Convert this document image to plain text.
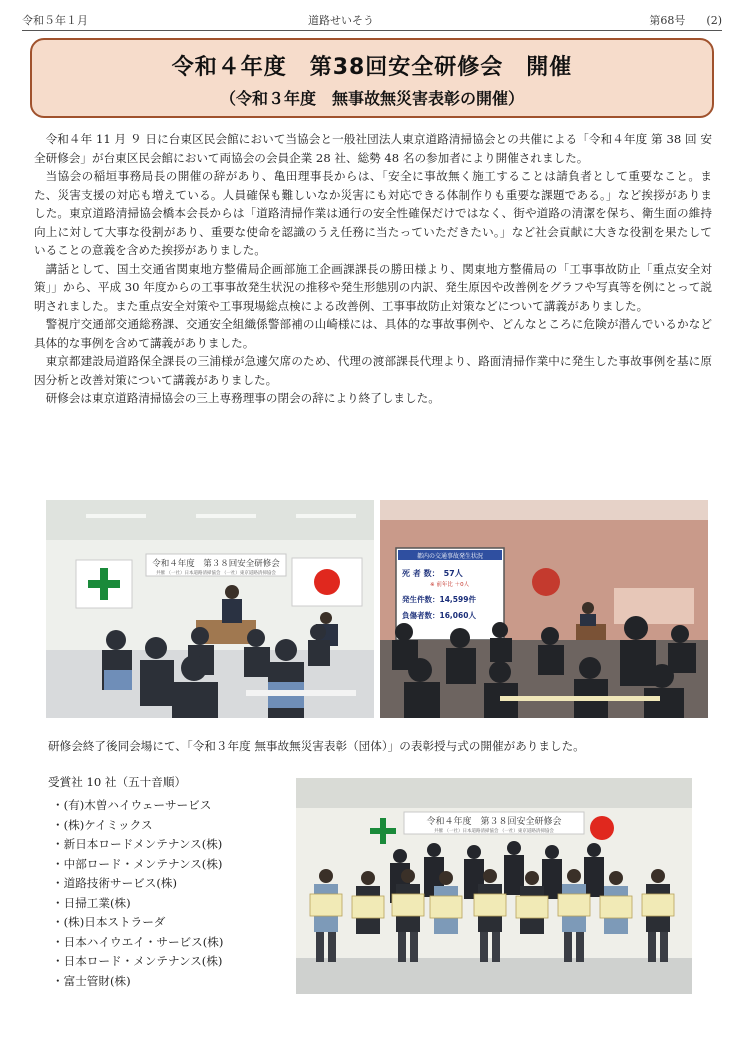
令和５年１月	道路せいそう	第68号 (2)
令和４年度　第38回安全研修会　開催
（令和３年度　無事故無災害表彰の開催）

令和４年 11 月 ９ 日に台東区民会館において当協会と一般社団法人東京道路清掃協会との共催による「令和４年度 第 38 回 安全研修会」が台東区民会館において両協会の会員企業 28 社、総勢 48 名の参加者により開催されました。

当協会の稲垣事務局長の開催の辞があり、亀田理事長からは、「安全に事故無く施工することは請負者として重要なこと。また、災害支援の対応も増えている。人員確保も難しいなか災害にも対応できる体制作りも重要な課題である。」など挨拶がありました。東京道路清掃協会橋本会長からは「道路清掃作業は通行の安全性確保だけではなく、街や道路の清潔を保ち、衛生面の維持向上に対して大事な役割があり、重要な使命を認識のうえ任務に当たっていただきたい。」など社会貢献に大きな役割を果たしていることの意義を含めた挨拶がありました。

講話として、国土交通省関東地方整備局企画部施工企画課課長の勝田様より、関東地方整備局の「工事事故防止「重点安全対策」」から、平成 30 年度からの工事事故発生状況の推移や発生形態別の内訳、発生原因や改善例をグラフや写真等を例にとって説明されました。また重点安全対策や工事現場総点検による改善例、工事事故防止対策などについて講義がありました。

警視庁交通部交通総務課、交通安全組織係警部補の山崎様には、具体的な事故事例や、どんなところに危険が潜んでいるかなど具体的な事例を含めて講義がありました。

東京都建設局道路保全課長の三浦様が急遽欠席のため、代理の渡部課長代理より、路面清掃作業中に発生した事故事例を基に原因分析と改善対策について講義がありました。

研修会は東京道路清掃協会の三上専務理事の閉会の辞により終了しました。

令和４年度　第３８回安全研修会
共催 （一社）日本道路清掃協会 （一社）東京道路清掃協会
都内の交通事故発生状況
死 者 数：　57人
※ 前年比 ＋0人
発生件数：14,599件
負傷者数：16,060人
研修会終了後同会場にて、「令和３年度 無事故無災害表彰（団体）」の表彰授与式の開催がありました。
受賞社 10 社（五十音順）
・ (有)木曽ハイウェーサービス
・ (株)ケイミックス
・ 新日本ロードメンテナンス(株)
・ 中部ロード・メンテナンス(株)
・ 道路技術サービス(株)
・ 日掃工業(株)
・ (株)日本ストラーダ
・ 日本ハイウエイ・サービス(株)
・ 日本ロード・メンテナンス(株)
・ 富士管財(株)
令和４年度　第３８回安全研修会
共催 （一社）日本道路清掃協会 （一社）東京道路清掃協会
